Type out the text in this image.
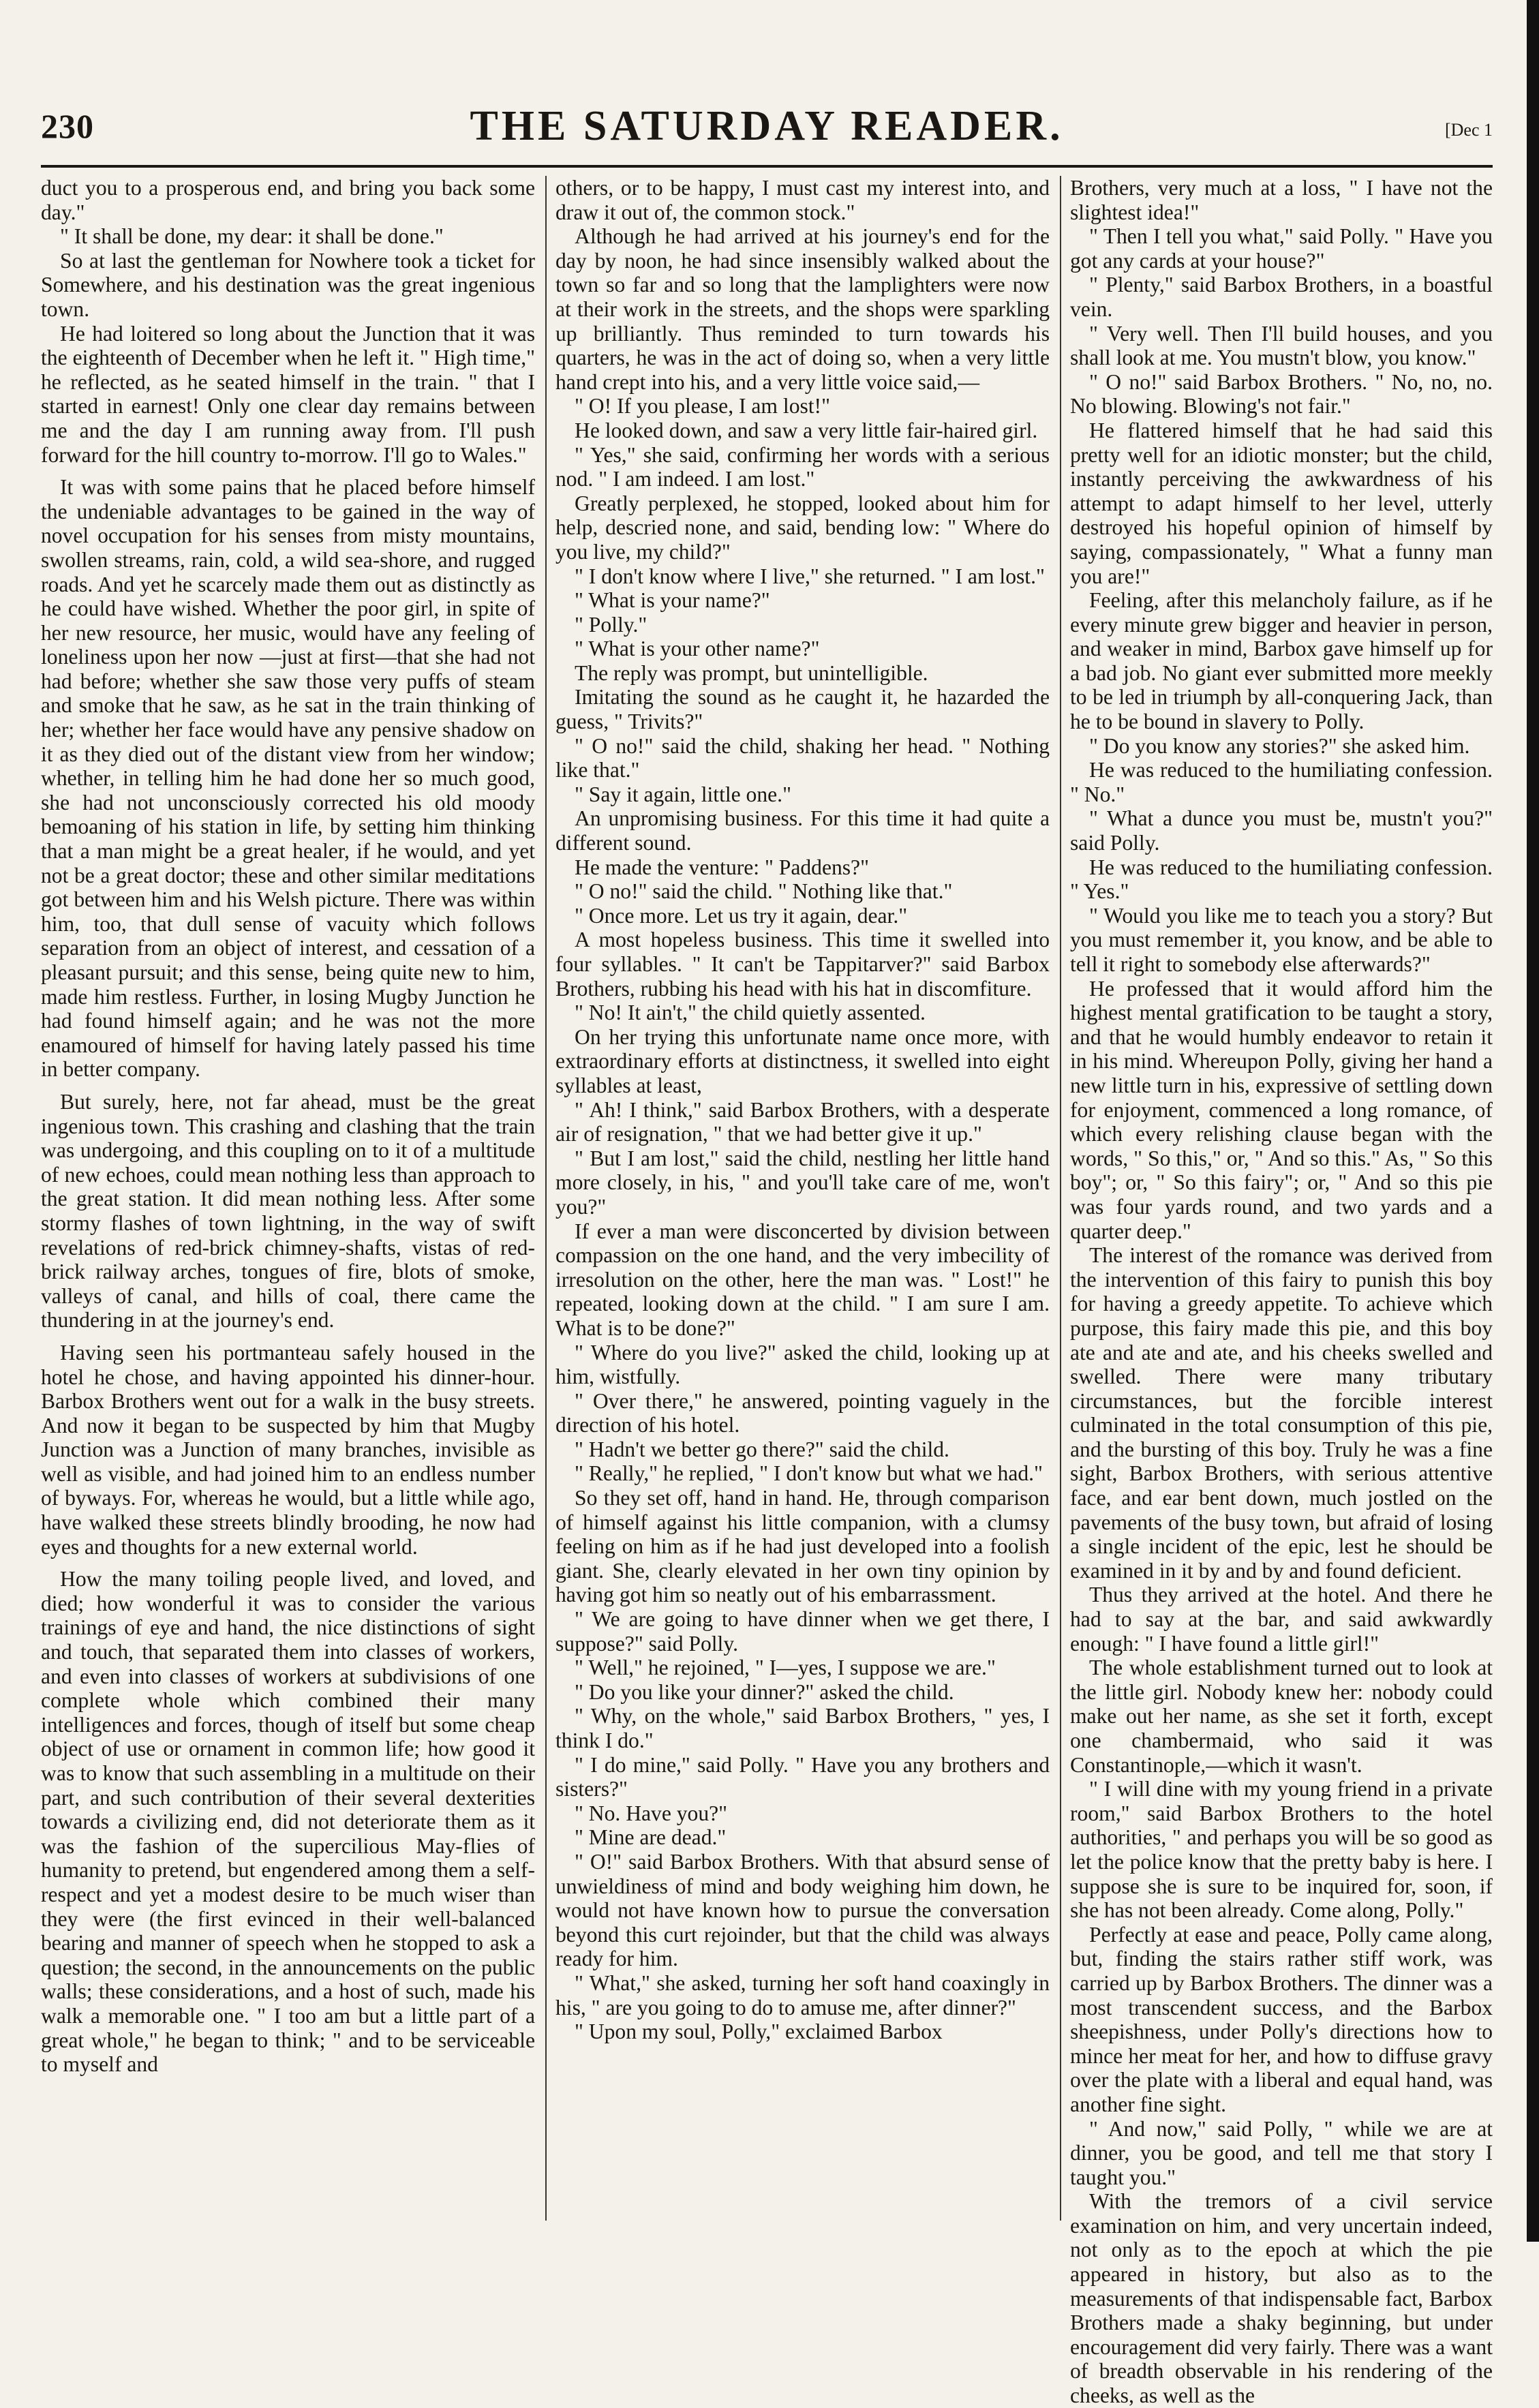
230	THE SATURDAY READER.	[Dec 1

duct you to a prosperous end, and bring you back some day."

" It shall be done, my dear: it shall be done."

So at last the gentleman for Nowhere took a ticket for Somewhere, and his destination was the great ingenious town.

He had loitered so long about the Junction that it was the eighteenth of December when he left it. " High time," he reflected, as he seated himself in the train. " that I started in earnest! Only one clear day remains between me and the day I am running away from. I'll push forward for the hill country to-morrow. I'll go to Wales."

It was with some pains that he placed before himself the undeniable advantages to be gained in the way of novel occupation for his senses from misty mountains, swollen streams, rain, cold, a wild sea-shore, and rugged roads. And yet he scarcely made them out as distinctly as he could have wished. Whether the poor girl, in spite of her new resource, her music, would have any feeling of loneliness upon her now —just at first—that she had not had before; whether she saw those very puffs of steam and smoke that he saw, as he sat in the train thinking of her; whether her face would have any pensive shadow on it as they died out of the distant view from her window; whether, in telling him he had done her so much good, she had not unconsciously corrected his old moody bemoaning of his station in life, by setting him thinking that a man might be a great healer, if he would, and yet not be a great doctor; these and other similar meditations got between him and his Welsh picture. There was within him, too, that dull sense of vacuity which follows separation from an object of interest, and cessation of a pleasant pursuit; and this sense, being quite new to him, made him restless. Further, in losing Mugby Junction he had found himself again; and he was not the more enamoured of himself for having lately passed his time in better company.

But surely, here, not far ahead, must be the great ingenious town. This crashing and clashing that the train was undergoing, and this coupling on to it of a multitude of new echoes, could mean nothing less than approach to the great station. It did mean nothing less. After some stormy flashes of town lightning, in the way of swift revelations of red-brick chimney-shafts, vistas of red-brick railway arches, tongues of fire, blots of smoke, valleys of canal, and hills of coal, there came the thundering in at the journey's end.

Having seen his portmanteau safely housed in the hotel he chose, and having appointed his dinner-hour. Barbox Brothers went out for a walk in the busy streets. And now it began to be suspected by him that Mugby Junction was a Junction of many branches, invisible as well as visible, and had joined him to an endless number of byways. For, whereas he would, but a little while ago, have walked these streets blindly brooding, he now had eyes and thoughts for a new external world.

How the many toiling people lived, and loved, and died; how wonderful it was to consider the various trainings of eye and hand, the nice distinctions of sight and touch, that separated them into classes of workers, and even into classes of workers at subdivisions of one complete whole which combined their many intelligences and forces, though of itself but some cheap object of use or ornament in common life; how good it was to know that such assembling in a multitude on their part, and such contribution of their several dexterities towards a civilizing end, did not deteriorate them as it was the fashion of the supercilious May-flies of humanity to pretend, but engendered among them a self-respect and yet a modest desire to be much wiser than they were (the first evinced in their well-balanced bearing and manner of speech when he stopped to ask a question; the second, in the announcements on the public walls; these considerations, and a host of such, made his walk a memorable one. " I too am but a little part of a great whole," he began to think; " and to be serviceable to myself and

others, or to be happy, I must cast my interest into, and draw it out of, the common stock."

Although he had arrived at his journey's end for the day by noon, he had since insensibly walked about the town so far and so long that the lamplighters were now at their work in the streets, and the shops were sparkling up brilliantly. Thus reminded to turn towards his quarters, he was in the act of doing so, when a very little hand crept into his, and a very little voice said,—

" O! If you please, I am lost!"

He looked down, and saw a very little fair-haired girl.

" Yes," she said, confirming her words with a serious nod. " I am indeed. I am lost."

Greatly perplexed, he stopped, looked about him for help, descried none, and said, bending low: " Where do you live, my child?"

" I don't know where I live," she returned. " I am lost."

" What is your name?"

" Polly."

" What is your other name?"

The reply was prompt, but unintelligible.

Imitating the sound as he caught it, he hazarded the guess, " Trivits?"

" O no!" said the child, shaking her head. " Nothing like that."

" Say it again, little one."

An unpromising business. For this time it had quite a different sound.

He made the venture: " Paddens?"

" O no!" said the child. " Nothing like that."

" Once more. Let us try it again, dear."

A most hopeless business. This time it swelled into four syllables. " It can't be Tappitarver?" said Barbox Brothers, rubbing his head with his hat in discomfiture.

" No! It ain't," the child quietly assented.

On her trying this unfortunate name once more, with extraordinary efforts at distinctness, it swelled into eight syllables at least,

" Ah! I think," said Barbox Brothers, with a desperate air of resignation, " that we had better give it up."

" But I am lost," said the child, nestling her little hand more closely, in his, " and you'll take care of me, won't you?"

If ever a man were disconcerted by division between compassion on the one hand, and the very imbecility of irresolution on the other, here the man was. " Lost!" he repeated, looking down at the child. " I am sure I am. What is to be done?"

" Where do you live?" asked the child, looking up at him, wistfully.

" Over there," he answered, pointing vaguely in the direction of his hotel.

" Hadn't we better go there?" said the child.

" Really," he replied, " I don't know but what we had."

So they set off, hand in hand. He, through comparison of himself against his little companion, with a clumsy feeling on him as if he had just developed into a foolish giant. She, clearly elevated in her own tiny opinion by having got him so neatly out of his embarrassment.

" We are going to have dinner when we get there, I suppose?" said Polly.

" Well," he rejoined, " I—yes, I suppose we are."

" Do you like your dinner?" asked the child.

" Why, on the whole," said Barbox Brothers, " yes, I think I do."

" I do mine," said Polly. " Have you any brothers and sisters?"

" No. Have you?"

" Mine are dead."

" O!" said Barbox Brothers. With that absurd sense of unwieldiness of mind and body weighing him down, he would not have known how to pursue the conversation beyond this curt rejoinder, but that the child was always ready for him.

" What," she asked, turning her soft hand coaxingly in his, " are you going to do to amuse me, after dinner?"

" Upon my soul, Polly," exclaimed Barbox

Brothers, very much at a loss, " I have not the slightest idea!"

" Then I tell you what," said Polly. " Have you got any cards at your house?"

" Plenty," said Barbox Brothers, in a boastful vein.

" Very well. Then I'll build houses, and you shall look at me. You mustn't blow, you know."

" O no!" said Barbox Brothers. " No, no, no. No blowing. Blowing's not fair."

He flattered himself that he had said this pretty well for an idiotic monster; but the child, instantly perceiving the awkwardness of his attempt to adapt himself to her level, utterly destroyed his hopeful opinion of himself by saying, compassionately, " What a funny man you are!"

Feeling, after this melancholy failure, as if he every minute grew bigger and heavier in person, and weaker in mind, Barbox gave himself up for a bad job. No giant ever submitted more meekly to be led in triumph by all-conquering Jack, than he to be bound in slavery to Polly.

" Do you know any stories?" she asked him.

He was reduced to the humiliating confession. " No."

" What a dunce you must be, mustn't you?" said Polly.

He was reduced to the humiliating confession. " Yes."

" Would you like me to teach you a story? But you must remember it, you know, and be able to tell it right to somebody else afterwards?"

He professed that it would afford him the highest mental gratification to be taught a story, and that he would humbly endeavor to retain it in his mind. Whereupon Polly, giving her hand a new little turn in his, expressive of settling down for enjoyment, commenced a long romance, of which every relishing clause began with the words, " So this," or, " And so this." As, " So this boy"; or, " So this fairy"; or, " And so this pie was four yards round, and two yards and a quarter deep."

The interest of the romance was derived from the intervention of this fairy to punish this boy for having a greedy appetite. To achieve which purpose, this fairy made this pie, and this boy ate and ate and ate, and his cheeks swelled and swelled. There were many tributary circumstances, but the forcible interest culminated in the total consumption of this pie, and the bursting of this boy. Truly he was a fine sight, Barbox Brothers, with serious attentive face, and ear bent down, much jostled on the pavements of the busy town, but afraid of losing a single incident of the epic, lest he should be examined in it by and by and found deficient.

Thus they arrived at the hotel. And there he had to say at the bar, and said awkwardly enough: " I have found a little girl!"

The whole establishment turned out to look at the little girl. Nobody knew her: nobody could make out her name, as she set it forth, except one chambermaid, who said it was Constantinople,—which it wasn't.

" I will dine with my young friend in a private room," said Barbox Brothers to the hotel authorities, " and perhaps you will be so good as let the police know that the pretty baby is here. I suppose she is sure to be inquired for, soon, if she has not been already. Come along, Polly."

Perfectly at ease and peace, Polly came along, but, finding the stairs rather stiff work, was carried up by Barbox Brothers. The dinner was a most transcendent success, and the Barbox sheepishness, under Polly's directions how to mince her meat for her, and how to diffuse gravy over the plate with a liberal and equal hand, was another fine sight.

" And now," said Polly, " while we are at dinner, you be good, and tell me that story I taught you."

With the tremors of a civil service examination on him, and very uncertain indeed, not only as to the epoch at which the pie appeared in history, but also as to the measurements of that indispensable fact, Barbox Brothers made a shaky beginning, but under encouragement did very fairly. There was a want of breadth observable in his rendering of the cheeks, as well as the
